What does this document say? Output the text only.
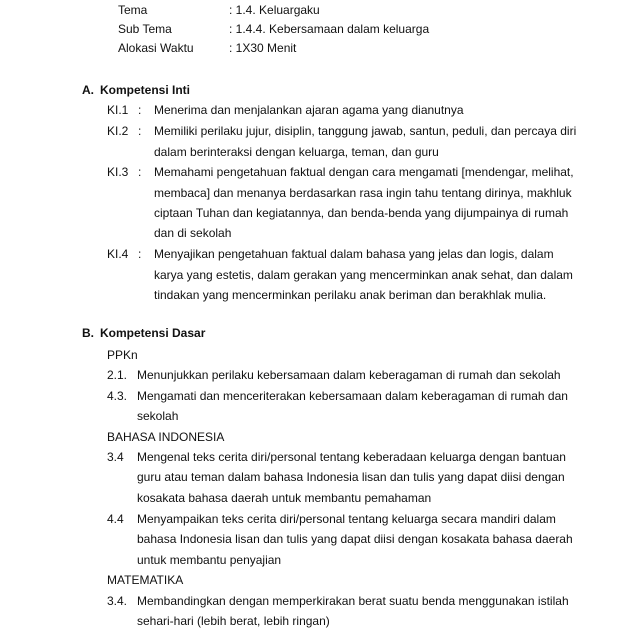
Tema	: 1.4. Keluargaku
Sub Tema	: 1.4.4. Kebersamaan dalam keluarga
Alokasi Waktu	: 1X30 Menit
A. Kompetensi Inti
KI.1 : Menerima dan menjalankan ajaran agama yang dianutnya
KI.2 : Memiliki perilaku jujur, disiplin, tanggung jawab, santun, peduli, dan percaya diri
dalam berinteraksi dengan keluarga, teman, dan guru
KI.3 : Memahami pengetahuan faktual dengan cara mengamati [mendengar, melihat,
membaca] dan menanya berdasarkan rasa ingin tahu tentang dirinya, makhluk
ciptaan Tuhan dan kegiatannya, dan benda-benda yang dijumpainya di rumah
dan di sekolah
KI.4 : Menyajikan pengetahuan faktual dalam bahasa yang jelas dan logis, dalam
karya yang estetis, dalam gerakan yang mencerminkan anak sehat, dan dalam
tindakan yang mencerminkan perilaku anak beriman dan berakhlak mulia.
B. Kompetensi Dasar
PPKn
2.1. Menunjukkan perilaku kebersamaan dalam keberagaman di rumah dan sekolah
4.3. Mengamati dan menceriterakan kebersamaan dalam keberagaman di rumah dan
sekolah
BAHASA INDONESIA
3.4 Mengenal teks cerita diri/personal tentang keberadaan keluarga dengan bantuan
guru atau teman dalam bahasa Indonesia lisan dan tulis yang dapat diisi dengan
kosakata bahasa daerah untuk membantu pemahaman
4.4 Menyampaikan teks cerita diri/personal tentang keluarga secara mandiri dalam
bahasa Indonesia lisan dan tulis yang dapat diisi dengan kosakata bahasa daerah
untuk membantu penyajian
MATEMATIKA
3.4. Membandingkan dengan memperkirakan berat suatu benda menggunakan istilah
sehari-hari (lebih berat, lebih ringan)
